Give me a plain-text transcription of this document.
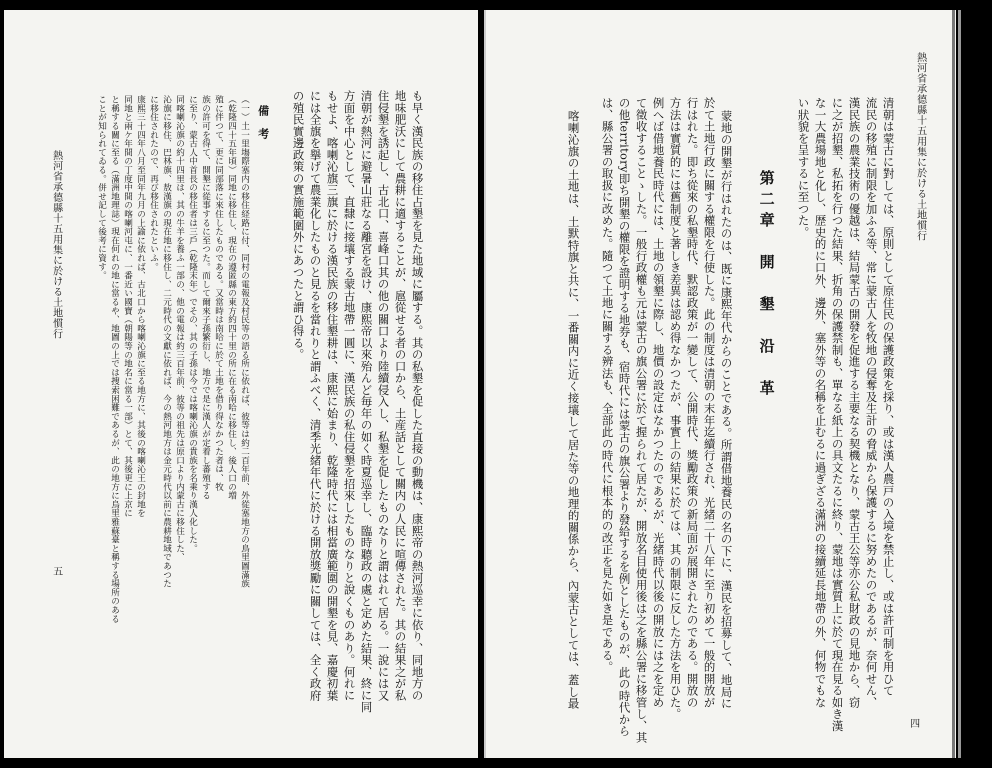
熱河省承德縣十五用集に於ける土地慣行
四
清朝は蒙古に對しては、原則として原住民の保護政策を採り、或は漢人農戸の入境を禁止し、或は許可制を用ひて
流民の移殖に制限を加ふる等、常に蒙古人を牧地の侵奪及生計の脅威から保護するに努めたのであるが、奈何せん、
漢民族の農業技術の優越は、結局蒙古の開發を促進する主要なる契機となり、蒙古王公等亦公私財政の見地から、窃
に之が招墾、私拓を行つた結果、折角の保護禁制も、單なる紙上の具文たるに終り、蒙地は實質上に於て現在見る如き漢
な一大農場地と化し、歴史的に口外、邊外、塞外等の名稱を止むるに過ぎざる滿洲の接續延長地帶の外、何物でもな
い狀貌を呈するに至つた。
第二章　開　墾　沿　革
蒙地の開墾が行はれたのは、既に康熙年代からのことである。所謂借地養民の名の下に、漢民を招募して、地局に
於て土地行政に關する權限を行使した。此の制度は清朝の末年迄續行され、光緒二十八年に至り初めて一般的開放が
行はれた。即ち從來の私墾時代、默認政策が一變して、公開時代、獎勵政策の新局面が展開されたのである。開放の
方法は實質的には舊制度と著しき差異は認め得なかつたが、事實上の結果に於ては、其の制限に反した方法を用ひた。
例へば借地養民時代には、土地の領墾に際し、地價の設定はなかつたのであるが、光緒時代以後の開放には之を定め
て徵收することゝした。一般行政權も元は蒙古の旗公署に於て握られて居たが、開放名目使用後は之を縣公署に移管し、其
の他territory即ち開墾の權限を證明する地券も、宿時代には蒙古の旗公署より發給するを例としたものが、此の時代から
は、縣公署の取扱に改めた。隨つて土地に關する辨法も、全部此の時代に根本的の改正を見た如き是である。
喀喇沁旗の土地は、土默特旗と共に、一番關内に近く接壤して居た等の地理的關係から、內蒙古としては、蓋し最
も早く漢民族の移住占墾を見た地域に屬する。其の私墾を促した直接の動機は、康熙帝の熱河巡幸に依り、同地方の
地味肥沃にして農耕に適することが、扈從せる者の口から、土産話として關内の人民に喧傳された。其の結果之が私
住侵墾を誘起し、古北口、喜峰口其の他の關口より陸續侵入し、私墾を促したものなりと謂はれて居る。一說には又
清朝が熱河に避暑山莊なる離宮を設け、康熙帝以來殆んど毎年の如く時夏巡幸し、臨時聽政の處と定めた結果、終に同
方面を中心として、直隸に接壤する蒙古地帶一圓に、漢民族の私住侵墾を招來したものなりと說くものあり。何れに
もせよ、喀喇沁旗三旗に於ける漢民族の移住墾耕は、康熙に始まり、乾隆時代には相當廣範圍の開墾を見、嘉慶初葉
には全旗を擧げて農業化したものと見るを當れりと謂ふべく、清季光緒年代に於ける開放獎勵に關しては、全く政府
の殖民實邊政策の實施範圍外にあつたと謂ひ得る。
備　考
（一）土一里塲際塞内の移住経路に付、同村の電報及村民等の語る所に依れば、彼等は約二百年前、外從塞地方の鳥里圖滿族
（乾隆四十五年頃）同地に移住し、現在の遵匿縣の東方約四十里の所に在る南哈に移住し、後人口の増
殖に伴つて、更に同部落に來住したものである。又當時は南哈に於て土地を借り得なかつた者は、牧
族の許可を得て、開墾に從事するに至つた。而して爾來子孫繁衍し、地方で是に漢人が定着し蕃殖する
に至り、蒙古人中首長の移住者は三戶（乾隆末年）でその、其の子孫は今では喀喇沁旗の貴族を名乘り漢人化した。
同喀喇沁旗の約十四里は、其の牛羊を養ふ一部の、他の電報は約三百年前、彼等の祖先は原口より内蒙古に移住した、
沁旗に移住、巴林旗、敖漢旗の現在地に移住し、二元時代の文獻に依れば、今の熱河地方は金元時代以前に農耕地域であつた
に移住されたので、再び移住されたといふ。
康熙三十四年八月至同年九月の上諭に依れば、古北口から喀喇沁旗に至る地方に、其後の喀喇沁王の封地を
同地と兩ケ年間の丁度中間の喀喇河屯に、一番近い國寶（朝陽等の地名に當る一部）とて、其後更に上京に
と稱する關に至る（滿洲地理誌）現在何れの地に當るや、地圖の上では捜索困難であるが、此の地方に烏里雅蘇臺と稱する場所のある
ことが知られてゐる。併せ記して後考に資す。
熱河省承德縣十五用集に於ける土地慣行
五
